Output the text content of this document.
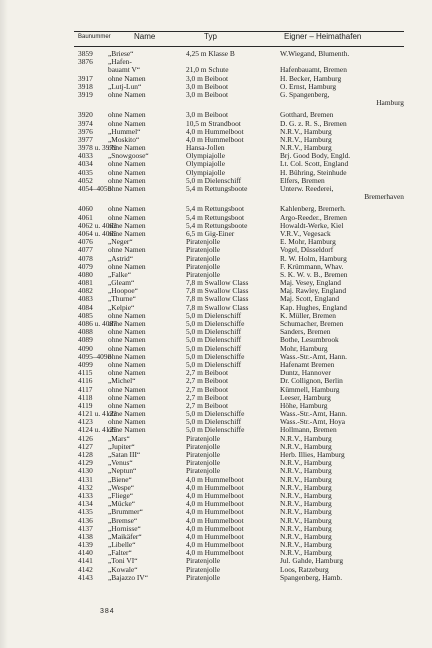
Baunummer	Name	Typ	Eigner – Heimathafen
3859 „Briese“	4,25 m Klasse B	W.Wiegand, Blumenth.
3876 „Hafen-
bauamt V“	21,0 m Schute	Hafenbauamt, Bremen
3917 ohne Namen	3,0 m Beiboot	H. Becker, Hamburg
3918 „Lutj-Lun“	3,0 m Beiboot	O. Ernst, Hamburg
3919 ohne Namen	3,0 m Beiboot	G. Spangenberg,
Hamburg
3920 ohne Namen	3,0 m Beiboot	Gotthard, Bremen
3974 ohne Namen	10,5 m Strandboot	D. G. z. R. S., Bremen
3976 „Hummel“	4,0 m Hummelboot	N.R.V., Hamburg
3977 „Moskito“	4,0 m Hummelboot	N.R.V., Hamburg
3978 u. 3979
ohne Namen	Hansa-Jollen	N.R.V., Hamburg
4033 „Snowgoose“	Olympiajolle	Brj. Good Body, Engld.
4034 ohne Namen	Olympiajolle	Lt. Col. Scott, England
4035 ohne Namen	Olympiajolle	H. Bühring, Steinhude
4052 ohne Namen	5,0 m Dielenschiff	Elfers, Bremen
4054–4059
ohne Namen	5,4 m Rettungsboote	Unterw. Reederei,
Bremerhaven
4060 ohne Namen	5,4 m Rettungsboot	Kahlenberg, Bremerh.
4061 ohne Namen	5,4 m Rettungsboot	Argo-Reeder., Bremen
4062 u. 4063
ohne Namen	5,4 m Rettungsboote	Howaldt-Werke, Kiel
4064 u. 4065
ohne Namen	6,5 m Gig-Einer	V.R.V., Vegesack
4076 „Neger“	Piratenjolle	E. Mohr, Hamburg
4077 ohne Namen	Piratenjolle	Vogel, Düsseldorf
4078 „Astrid“	Piratenjolle	R. W. Holm, Hamburg
4079 ohne Namen	Piratenjolle	F. Krümmann, Whav.
4080 „Falke“	Piratenjolle	S. K. W. v. B., Bremen
4081 „Gleam“	7,8 m Swallow Class	Maj. Vesey, England
4082 „Hoopoe“	7,8 m Swallow Class	Maj. Rawley, England
4083 „Thurne“	7,8 m Swallow Class	Maj. Scott, England
4084 „Kelpie“	7,8 m Swallow Class	Kap. Hughes, England
4085 ohne Namen	5,0 m Dielenschiff	K. Müller, Bremen
4086 u. 4087
ohne Namen	5,0 m Dielenschiffe	Schumacher, Bremen
4088 ohne Namen	5,0 m Dielenschiff	Sanders, Bremen
4089 ohne Namen	5,0 m Dielenschiff	Bothe, Lesumbrook
4090 ohne Namen	5,0 m Dielenschiff	Mohr, Hamburg
4095–4098
ohne Namen	5,0 m Dielenschiffe	Wass.-Str.-Amt, Hann.
4099 ohne Namen	5,0 m Dielenschiff	Hafenamt Bremen
4115 ohne Namen	2,7 m Beiboot	Duntz, Hannover
4116 „Michel“	2,7 m Beiboot	Dr. Collignon, Berlin
4117 ohne Namen	2,7 m Beiboot	Kümmell, Hamburg
4118 ohne Namen	2,7 m Beiboot	Leeser, Hamburg
4119 ohne Namen	2,7 m Beiboot	Höhe, Hamburg
4121 u. 4122
ohne Namen	5,0 m Dielenschiffe	Wass.-Str.-Amt, Hann.
4123 ohne Namen	5,0 m Dielenschiff	Wass.-Str.-Amt, Hoya
4124 u. 4125
ohne Namen	5,0 m Dielenschiffe	Hollmann, Bremen
4126 „Mars“	Piratenjolle	N.R.V., Hamburg
4127 „Jupiter“	Piratenjolle	N.R.V., Hamburg
4128 „Satan III“	Piratenjolle	Herb. Illies, Hamburg
4129 „Venus“	Piratenjolle	N.R.V., Hamburg
4130 „Neptun“	Piratenjolle	N.R.V., Hamburg
4131 „Biene“	4,0 m Hummelboot	N.R.V., Hamburg
4132 „Wespe“	4,0 m Hummelboot	N.R.V., Hamburg
4133 „Fliege“	4,0 m Hummelboot	N.R.V., Hamburg
4134 „Mücke“	4,0 m Hummelboot	N.R.V., Hamburg
4135 „Brummer“	4,0 m Hummelboot	N.R.V., Hamburg
4136 „Bremse“	4,0 m Hummelboot	N.R.V., Hamburg
4137 „Hornisse“	4,0 m Hummelboot	N.R.V., Hamburg
4138 „Maikäfer“	4,0 m Hummelboot	N.R.V., Hamburg
4139 „Libelle“	4,0 m Hummelboot	N.R.V., Hamburg
4140 „Falter“	4,0 m Hummelboot	N.R.V., Hamburg
4141 „Toni VI“	Piratenjolle	Jul. Gahde, Hamburg
4142 „Kowale“	Piratenjolle	Loos, Ratzeburg
4143 „Bajazzo IV“	Piratenjolle	Spangenberg, Hamb.
384
